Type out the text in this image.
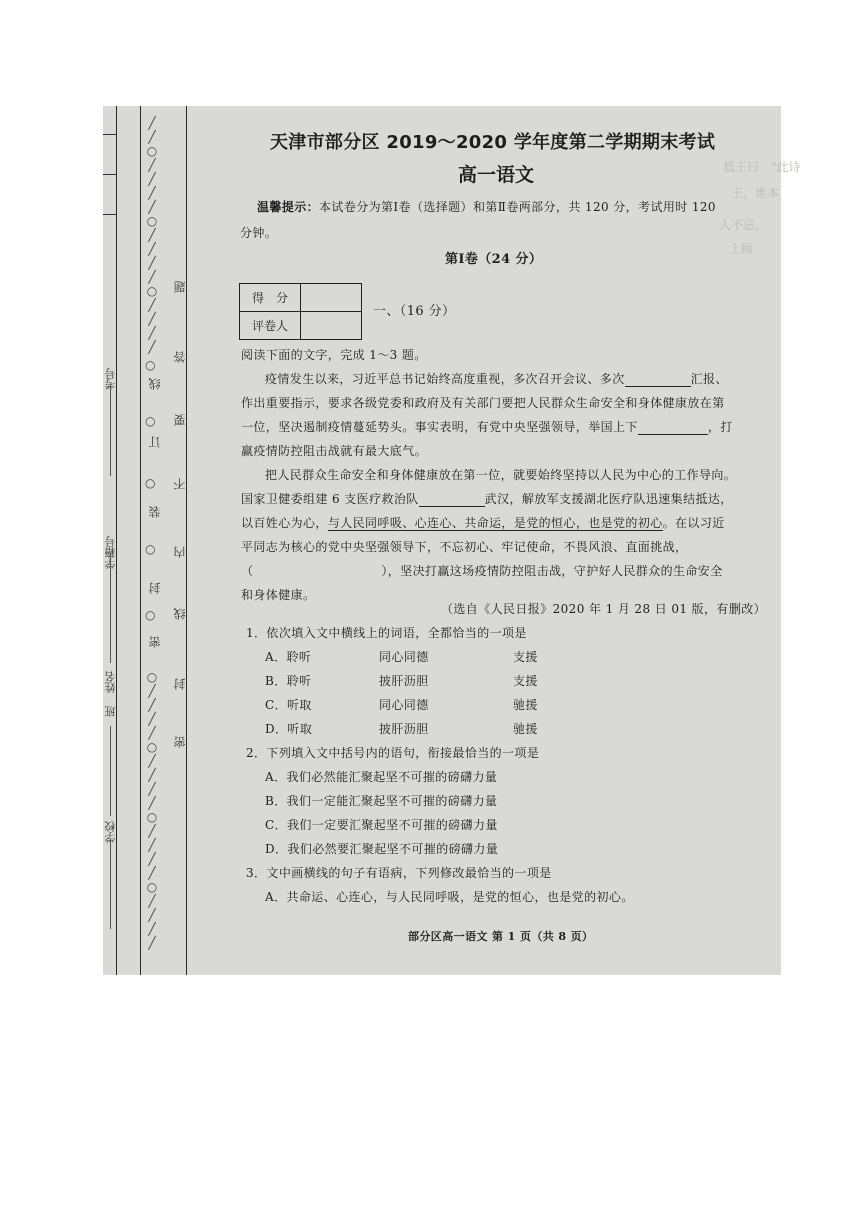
低王曰："此诗
王，谁本
人不忌，
上顾
考号
学籍号
姓名
班
学校
╱
╱
○
╱
╱
╱
╱
○
╱
╱
╱
╱
○
╱
╱
╱
╱
○
线
○
订
○
装
○
封
○
密
○
╱
╱
╱
╱
○
╱
╱
╱
╱
○
╱
╱
╱
╱
○
╱
╱
╱
╱
题
答
要
不
内
线
封
密
天津市部分区 2019～2020 学年度第二学期期末考试
高一语文
温馨提示：本试卷分为第Ⅰ卷（选择题）和第Ⅱ卷两部分，共 120 分，考试用时 120
分钟。
第Ⅰ卷（24 分）
得　分	
评卷人	
一、（16 分）
阅读下面的文字，完成 1～3 题。
疫情发生以来，习近平总书记始终高度重视，多次召开会议、多次	汇报、
作出重要指示，要求各级党委和政府及有关部门要把人民群众生命安全和身体健康放在第
一位，坚决遏制疫情蔓延势头。事实表明，有党中央坚强领导，举国上下	，打
赢疫情防控阻击战就有最大底气。
把人民群众生命安全和身体健康放在第一位，就要始终坚持以人民为中心的工作导向。
国家卫健委组建 6 支医疗救治队	武汉，解放军支援湖北医疗队迅速集结抵达，
以百姓心为心，与人民同呼吸、心连心、共命运，是党的恒心，也是党的初心。在以习近
平同志为核心的党中央坚强领导下，不忘初心、牢记使命，不畏风浪、直面挑战，
（	），坚决打赢这场疫情防控阻击战，守护好人民群众的生命安全
和身体健康。
（选自《人民日报》2020 年 1 月 28 日 01 版，有删改）
1．依次填入文中横线上的词语，全都恰当的一项是
A．聆听	同心同德	支援
B．聆听	披肝沥胆	支援
C．听取	同心同德	驰援
D．听取	披肝沥胆	驰援
2．下列填入文中括号内的语句，衔接最恰当的一项是
A．我们必然能汇聚起坚不可摧的磅礴力量
B．我们一定能汇聚起坚不可摧的磅礴力量
C．我们一定要汇聚起坚不可摧的磅礴力量
D．我们必然要汇聚起坚不可摧的磅礴力量
3．文中画横线的句子有语病，下列修改最恰当的一项是
A．共命运、心连心，与人民同呼吸，是党的恒心，也是党的初心。
部分区高一语文 第 1 页（共 8 页）
